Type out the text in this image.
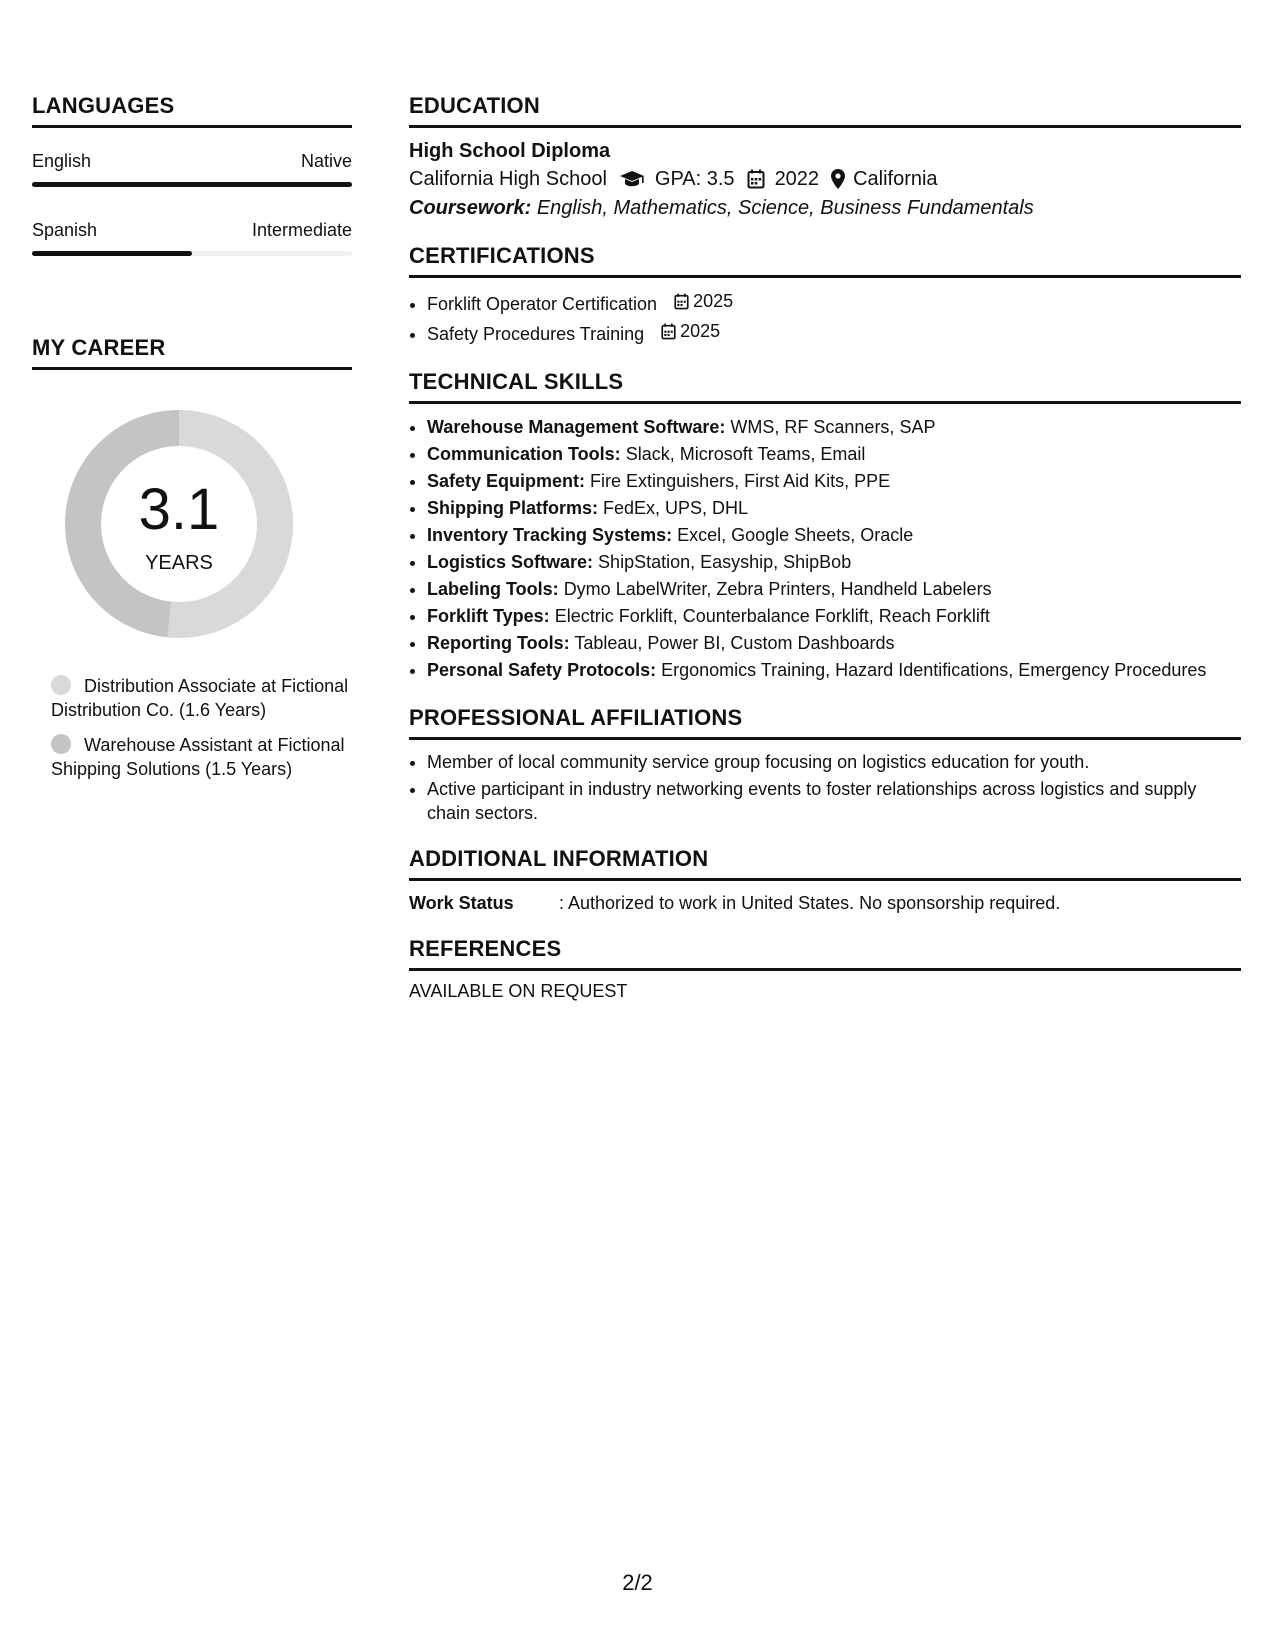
LANGUAGES
English	Native
Spanish	Intermediate
MY CAREER
3.1
YEARS
Distribution Associate at Fictional Distribution Co. (1.6 Years)
Warehouse Assistant at Fictional Shipping Solutions (1.5 Years)
EDUCATION
High School Diploma
California High School GPA: 3.5 2022 California
Coursework: English, Mathematics, Science, Business Fundamentals
CERTIFICATIONS
• Forklift Operator Certification 2025
• Safety Procedures Training 2025
TECHNICAL SKILLS
• Warehouse Management Software: WMS, RF Scanners, SAP
• Communication Tools: Slack, Microsoft Teams, Email
• Safety Equipment: Fire Extinguishers, First Aid Kits, PPE
• Shipping Platforms: FedEx, UPS, DHL
• Inventory Tracking Systems: Excel, Google Sheets, Oracle
• Logistics Software: ShipStation, Easyship, ShipBob
• Labeling Tools: Dymo LabelWriter, Zebra Printers, Handheld Labelers
• Forklift Types: Electric Forklift, Counterbalance Forklift, Reach Forklift
• Reporting Tools: Tableau, Power BI, Custom Dashboards
• Personal Safety Protocols: Ergonomics Training, Hazard Identifications, Emergency Procedures
PROFESSIONAL AFFILIATIONS
• Member of local community service group focusing on logistics education for youth.
• Active participant in industry networking events to foster relationships across logistics and supply chain sectors.
ADDITIONAL INFORMATION
Work Status	: Authorized to work in United States. No sponsorship required.
REFERENCES
AVAILABLE ON REQUEST
2/2
